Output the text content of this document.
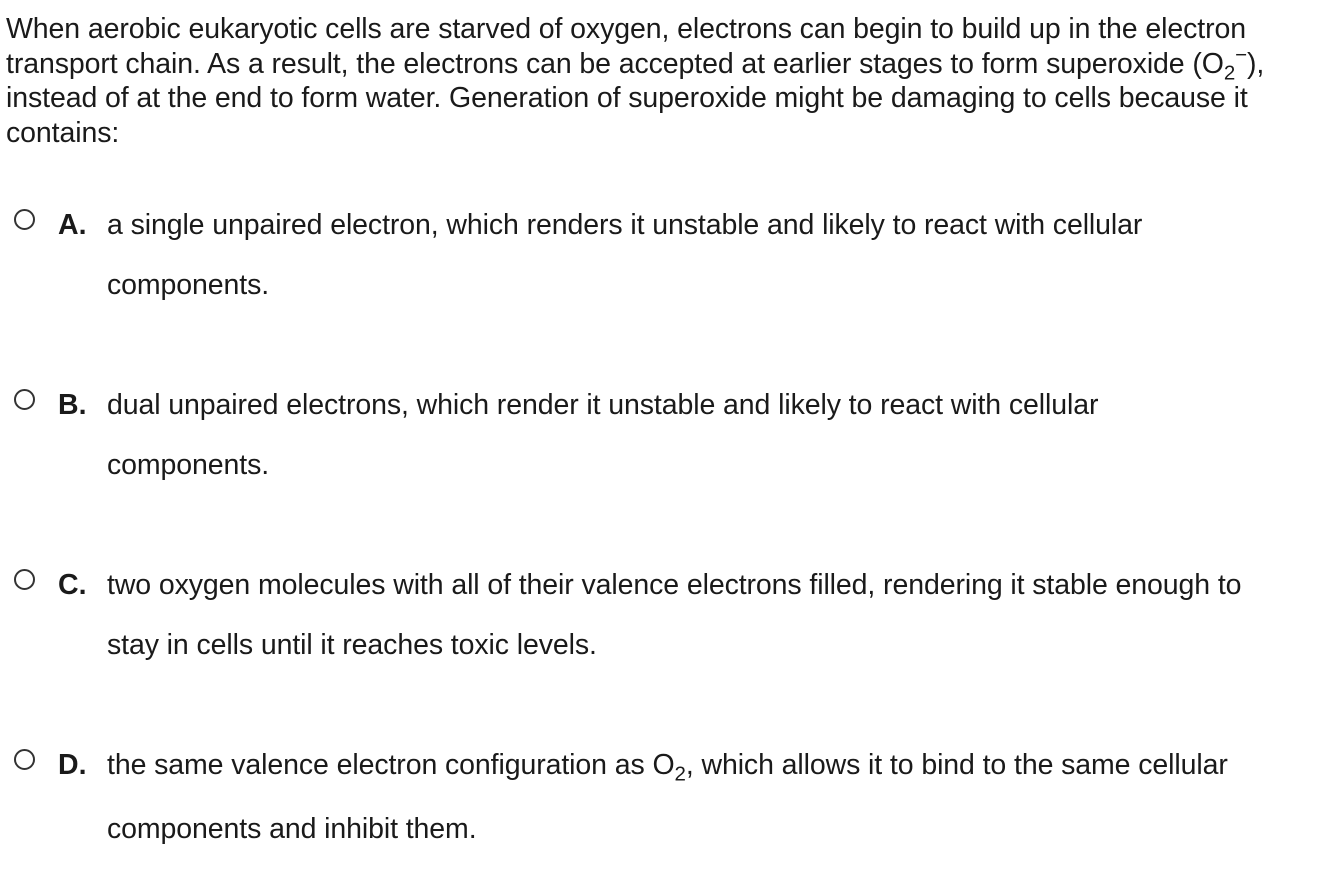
When aerobic eukaryotic cells are starved of oxygen, electrons can begin to build up in the electron transport chain. As a result, the electrons can be accepted at earlier stages to form superoxide $(O_2^-)$, instead of at the end to form water. Generation of superoxide might be damaging to cells because it contains:
A. a single unpaired electron, which renders it unstable and likely to react with cellular
components.
B. dual unpaired electrons, which render it unstable and likely to react with cellular
components.
C. two oxygen molecules with all of their valence electrons filled, rendering it stable enough to
stay in cells until it reaches toxic levels.
D. the same valence electron configuration as $O_2$, which allows it to bind to the same cellular
components and inhibit them.
